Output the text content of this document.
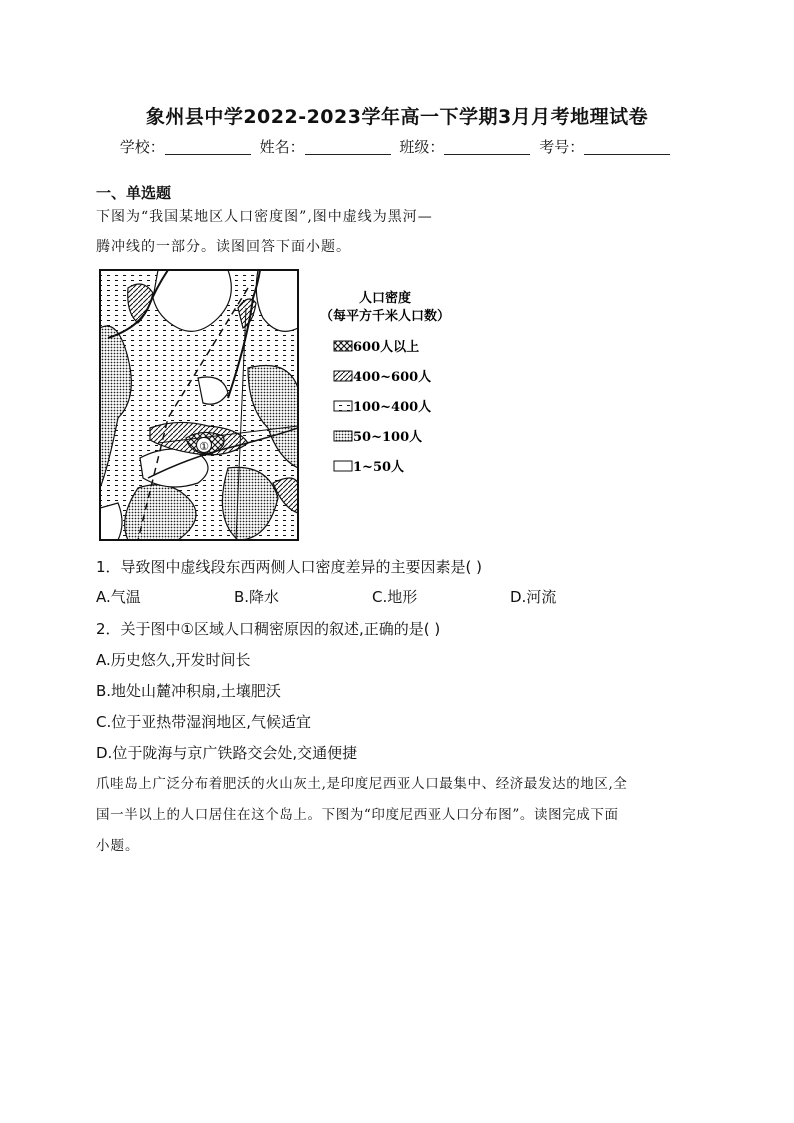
象州县中学2022-2023学年高一下学期3月月考地理试卷
学校：	姓名：	班级：	考号：
一、单选题
下图为“我国某地区人口密度图”,图中虚线为黑河—
腾冲线的一部分。读图回答下面小题。
①
人口密度
（每平方千米人口数）
600人以上
400~600人
100~400人
50~100人
1~50人
1．导致图中虚线段东西两侧人口密度差异的主要因素是( )
A.气温	B.降水	C.地形	D.河流
2．关于图中①区域人口稠密原因的叙述,正确的是( )
A.历史悠久,开发时间长
B.地处山麓冲积扇,土壤肥沃
C.位于亚热带湿润地区,气候适宜
D.位于陇海与京广铁路交会处,交通便捷
爪哇岛上广泛分布着肥沃的火山灰土,是印度尼西亚人口最集中、经济最发达的地区,全
国一半以上的人口居住在这个岛上。下图为“印度尼西亚人口分布图”。读图完成下面
小题。
